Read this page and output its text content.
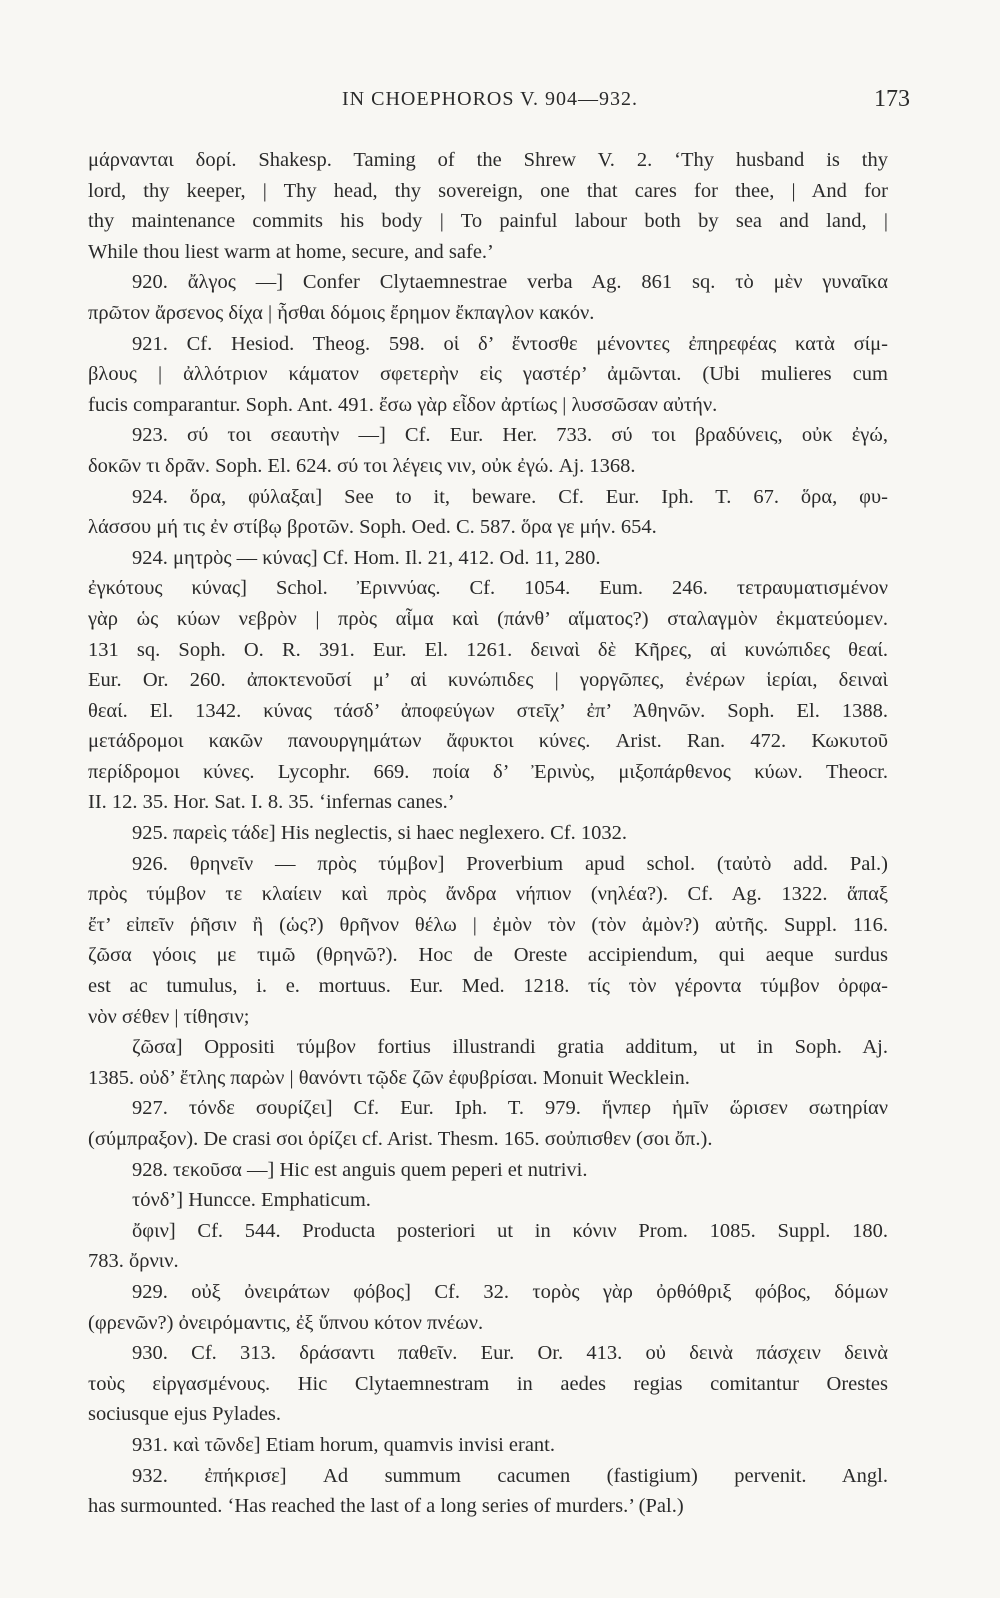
IN CHOEPHOROS V. 904—932.	173
μάρνανται δορί. Shakesp. Taming of the Shrew V. 2. ‘Thy husband is thy
lord, thy keeper, | Thy head, thy sovereign, one that cares for thee, | And for
thy maintenance commits his body | To painful labour both by sea and land, |
While thou liest warm at home, secure, and safe.’
920. ἄλγος —] Confer Clytaemnestrae verba Ag. 861 sq. τὸ μὲν γυναῖκα
πρῶτον ἄρσενος δίχα | ἧσθαι δόμοις ἔρημον ἔκπαγλον κακόν.
921. Cf. Hesiod. Theog. 598. οἱ δ’ ἔντοσθε μένοντες ἐπηρεφέας κατὰ σίμ-
βλους | ἀλλότριον κάματον σφετερὴν εἰς γαστέρ’ ἀμῶνται. (Ubi mulieres cum
fucis comparantur. Soph. Ant. 491. ἔσω γὰρ εἶδον ἀρτίως | λυσσῶσαν αὐτήν.
923. σύ τοι σεαυτὴν —] Cf. Eur. Her. 733. σύ τοι βραδύνεις, οὐκ ἐγώ,
δοκῶν τι δρᾶν. Soph. El. 624. σύ τοι λέγεις νιν, οὐκ ἐγώ. Aj. 1368.
924. ὅρα, φύλαξαι] See to it, beware. Cf. Eur. Iph. T. 67. ὅρα, φυ-
λάσσου μή τις ἐν στίβῳ βροτῶν. Soph. Oed. C. 587. ὅρα γε μήν. 654.
924. μητρὸς — κύνας] Cf. Hom. Il. 21, 412. Od. 11, 280.
ἐγκότους κύνας] Schol. Ἐριννύας. Cf. 1054. Eum. 246. τετραυματισμένον
γὰρ ὡς κύων νεβρὸν | πρὸς αἷμα καὶ (πάνθ’ αἵματος?) σταλαγμὸν ἐκματεύομεν.
131 sq. Soph. O. R. 391. Eur. El. 1261. δειναὶ δὲ Κῆρες, αἱ κυνώπιδες θεαί.
Eur. Or. 260. ἀποκτενοῦσί μ’ αἱ κυνώπιδες | γοργῶπες, ἐνέρων ἱερίαι, δειναὶ
θεαί. El. 1342. κύνας τάσδ’ ἀποφεύγων στεῖχ’ ἐπ’ Ἀθηνῶν. Soph. El. 1388.
μετάδρομοι κακῶν πανουργημάτων ἄφυκτοι κύνες. Arist. Ran. 472. Κωκυτοῦ
περίδρομοι κύνες. Lycophr. 669. ποία δ’ Ἐρινὺς, μιξοπάρθενος κύων. Theocr.
II. 12. 35. Hor. Sat. I. 8. 35. ‘infernas canes.’
925. παρεὶς τάδε] His neglectis, si haec neglexero. Cf. 1032.
926. θρηνεῖν — πρὸς τύμβον] Proverbium apud schol. (ταὐτὸ add. Pal.)
πρὸς τύμβον τε κλαίειν καὶ πρὸς ἄνδρα νήπιον (νηλέα?). Cf. Ag. 1322. ἅπαξ
ἔτ’ εἰπεῖν ῥῆσιν ἢ (ὡς?) θρῆνον θέλω | ἐμὸν τὸν (τὸν ἀμὸν?) αὐτῆς. Suppl. 116.
ζῶσα γόοις με τιμῶ (θρηνῶ?). Hoc de Oreste accipiendum, qui aeque surdus
est ac tumulus, i. e. mortuus. Eur. Med. 1218. τίς τὸν γέροντα τύμβον ὀρφα-
νὸν σέθεν | τίθησιν;
ζῶσα] Oppositi τύμβον fortius illustrandi gratia additum, ut in Soph. Aj.
1385. οὐδ’ ἔτλης παρὼν | θανόντι τῷδε ζῶν ἐφυβρίσαι. Monuit Wecklein.
927. τόνδε σουρίζει] Cf. Eur. Iph. T. 979. ἥνπερ ἡμῖν ὥρισεν σωτηρίαν
(σύμπραξον). De crasi σοι ὁρίζει cf. Arist. Thesm. 165. σοὐπισθεν (σοι ὄπ.).
928. τεκοῦσα —] Hic est anguis quem peperi et nutrivi.
τόνδ’] Huncce. Emphaticum.
ὄφιν] Cf. 544. Producta posteriori ut in κόνιν Prom. 1085. Suppl. 180.
783. ὄρνιν.
929. οὐξ ὀνειράτων φόβος] Cf. 32. τορὸς γὰρ ὀρθόθριξ φόβος, δόμων
(φρενῶν?) ὀνειρόμαντις, ἐξ ὕπνου κότον πνέων.
930. Cf. 313. δράσαντι παθεῖν. Eur. Or. 413. οὐ δεινὰ πάσχειν δεινὰ
τοὺς εἰργασμένους. Hic Clytaemnestram in aedes regias comitantur Orestes
sociusque ejus Pylades.
931. καὶ τῶνδε] Etiam horum, quamvis invisi erant.
932. ἐπήκρισε] Ad summum cacumen (fastigium) pervenit. Angl.
has surmounted. ‘Has reached the last of a long series of murders.’ (Pal.)
